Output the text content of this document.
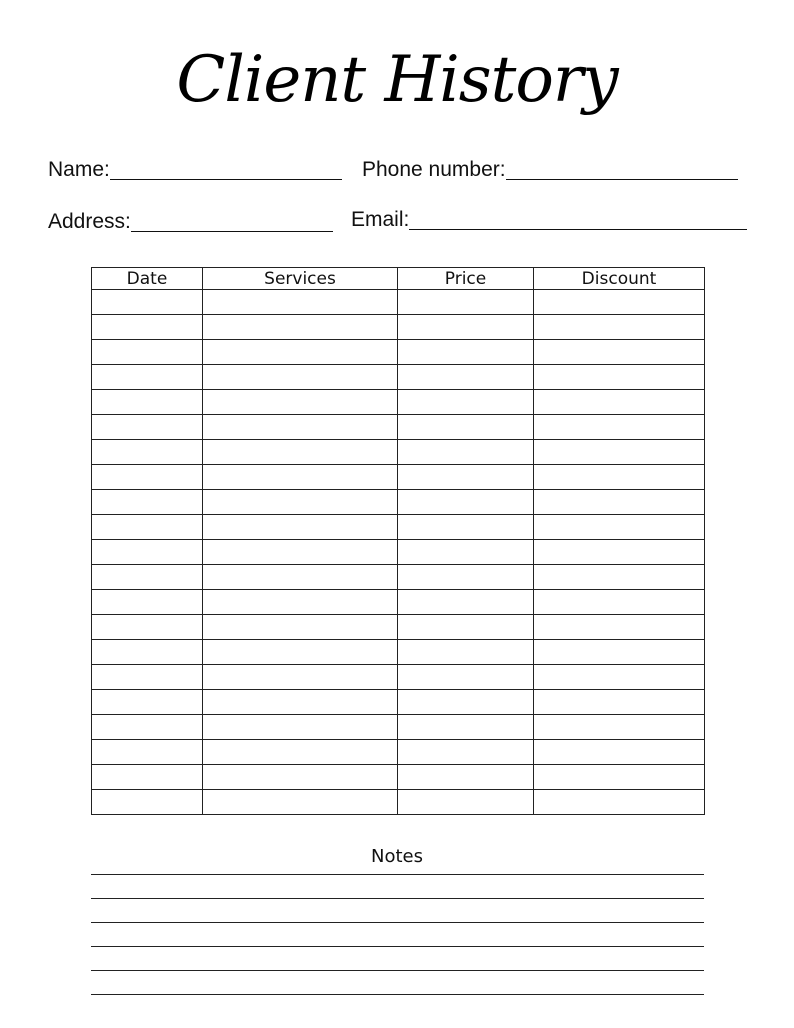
Client History
Name:	Phone number:
Address:	Email:
Date	Services	Price	Discount

Notes
